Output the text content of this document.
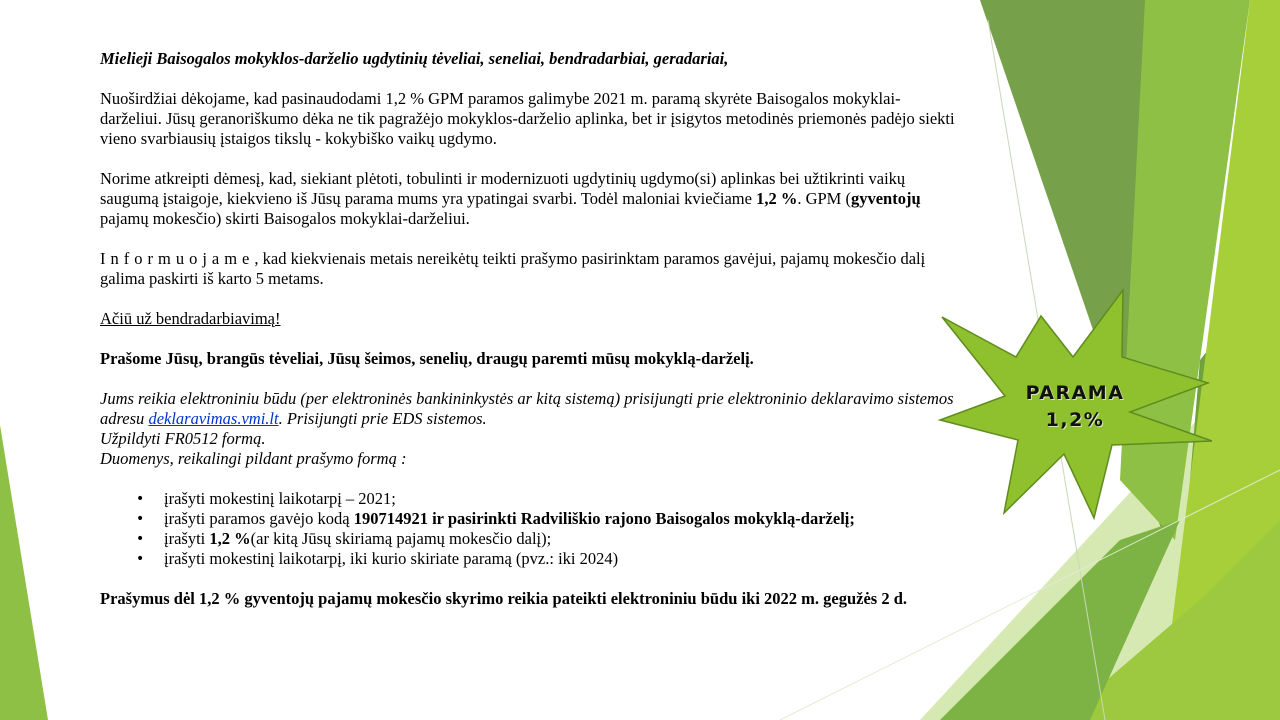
Mielieji Baisogalos mokyklos-darželio ugdytinių tėveliai, seneliai, bendradarbiai, geradariai,

Nuoširdžiai dėkojame, kad pasinaudodami 1,2 % GPM paramos galimybe 2021 m. paramą skyrėte Baisogalos mokyklai-darželiui. Jūsų geranoriškumo dėka ne tik pagražėjo mokyklos-darželio aplinka, bet ir įsigytos metodinės priemonės padėjo siekti vieno svarbiausių įstaigos tikslų - kokybiško vaikų ugdymo.

Norime atkreipti dėmesį, kad, siekiant plėtoti, tobulinti ir modernizuoti ugdytinių ugdymo(si) aplinkas bei užtikrinti vaikų saugumą įstaigoje, kiekvieno iš Jūsų parama mums yra ypatingai svarbi. Todėl maloniai kviečiame 1,2 %. GPM (gyventojų pajamų mokesčio) skirti Baisogalos mokyklai-darželiui.

Informuojame, kad kiekvienais metais nereikėtų teikti prašymo pasirinktam paramos gavėjui, pajamų mokesčio dalį galima paskirti iš karto 5 metams.

Ačiū už bendradarbiavimą!

Prašome Jūsų, brangūs tėveliai, Jūsų šeimos, senelių, draugų paremti mūsų mokyklą-darželį.

Jums reikia elektroniniu būdu (per elektroninės bankininkystės ar kitą sistemą) prisijungti prie elektroninio deklaravimo sistemos adresu deklaravimas.vmi.lt. Prisijungti prie EDS sistemos.

Užpildyti FR0512 formą.

Duomenys, reikalingi pildant prašymo formą :

• įrašyti mokestinį laikotarpį – 2021;
• įrašyti paramos gavėjo kodą 190714921 ir pasirinkti Radviliškio rajono Baisogalos mokyklą-darželį;
• įrašyti 1,2 %(ar kitą Jūsų skiriamą pajamų mokesčio dalį);
• įrašyti mokestinį laikotarpį, iki kurio skiriate paramą (pvz.: iki 2024)

Prašymus dėl 1,2 % gyventojų pajamų mokesčio skyrimo reikia pateikti elektroniniu būdu iki 2022 m. gegužės 2 d.

PARAMA
1,2%
